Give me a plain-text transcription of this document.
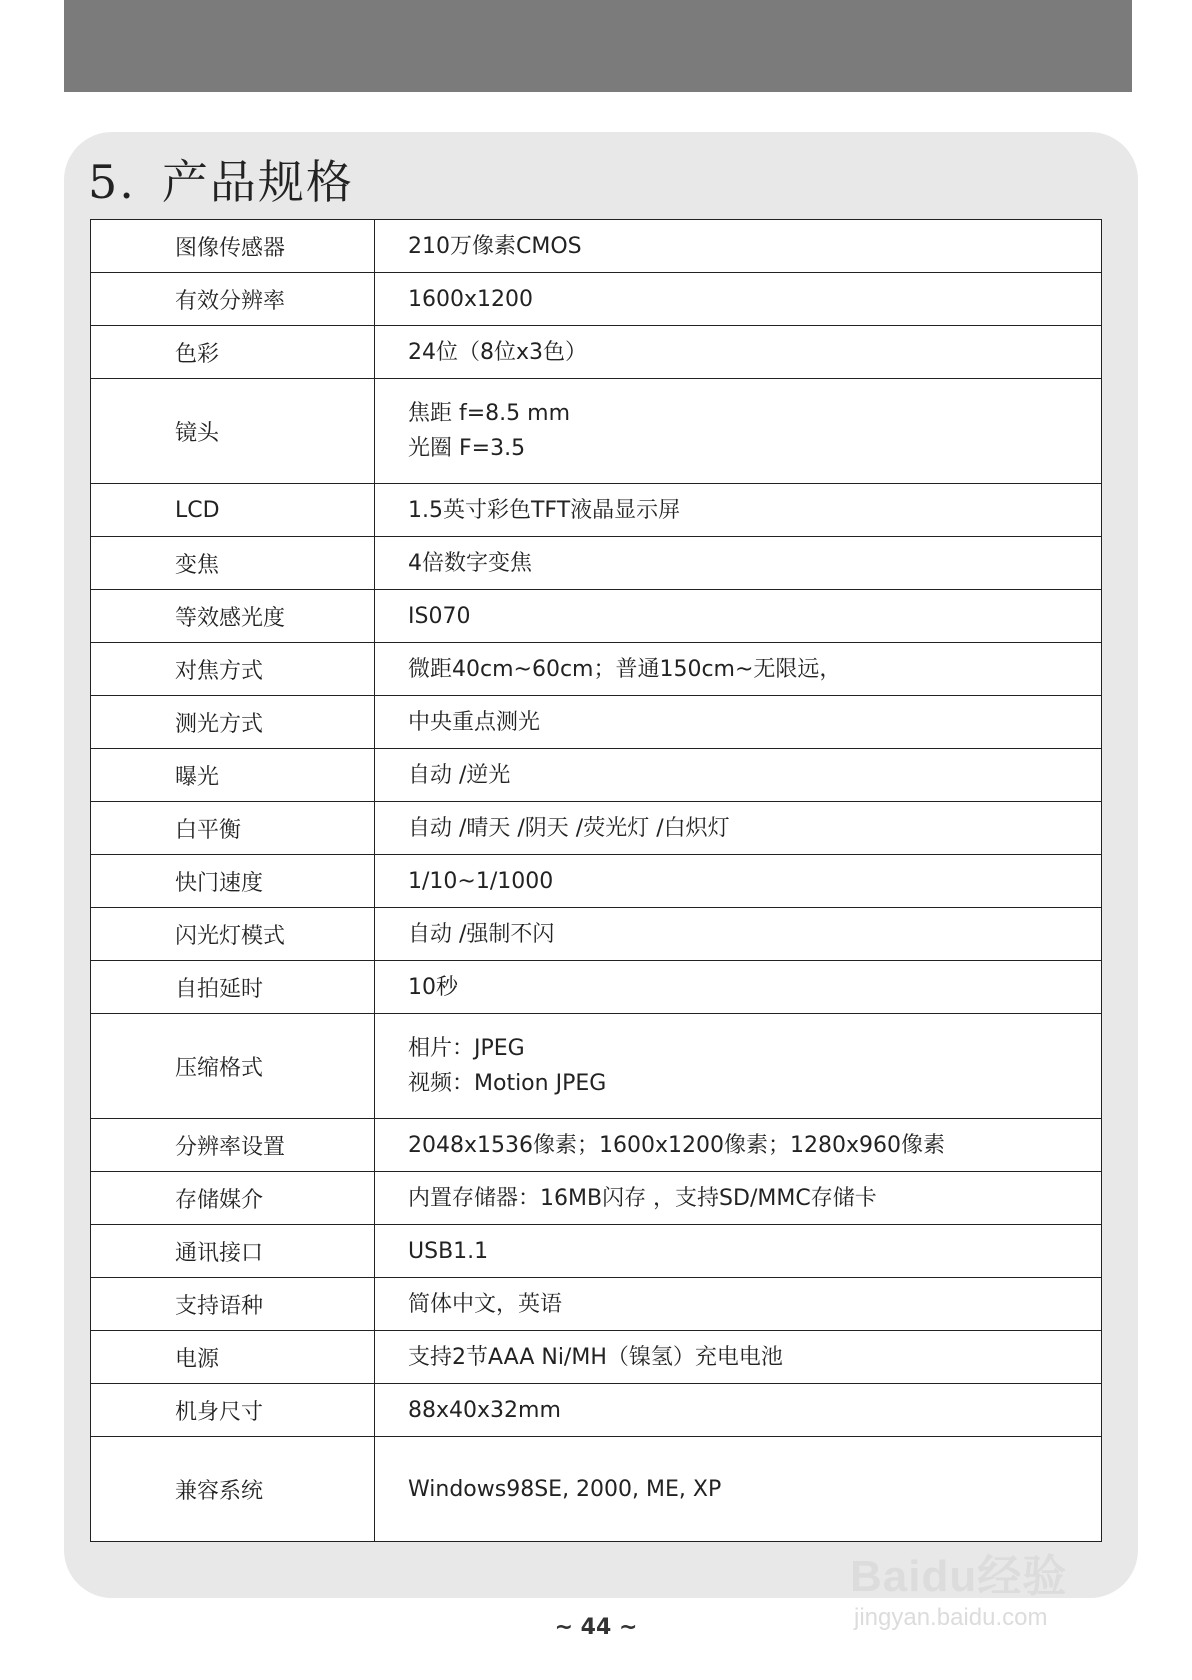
5. 产品规格
图像传感器	210万像素CMOS

有效分辨率	1600x1200

色彩	24位（8位x3色）

镜头	焦距 f=8.5 mm
光圈 F=3.5

LCD	1.5英寸彩色TFT液晶显示屏

变焦	4倍数字变焦

等效感光度	IS070

对焦方式	微距40cm~60cm；普通150cm~无限远，

测光方式	中央重点测光

曝光	自动 /逆光

白平衡	自动 /晴天 /阴天 /荧光灯 /白炽灯

快门速度	1/10~1/1000

闪光灯模式	自动 /强制不闪

自拍延时	10秒

压缩格式	相片：JPEG
视频：Motion JPEG

分辨率设置	2048x1536像素；1600x1200像素；1280x960像素

存储媒介	内置存储器：16MB闪存 ，支持SD/MMC存储卡

通讯接口	USB1.1

支持语种	简体中文，英语

电源	支持2节AAA Ni/MH（镍氢）充电电池

机身尺寸	88x40x32mm

兼容系统	Windows98SE, 2000, ME, XP
~ 44 ~
Baidu经验
jingyan.baidu.com
